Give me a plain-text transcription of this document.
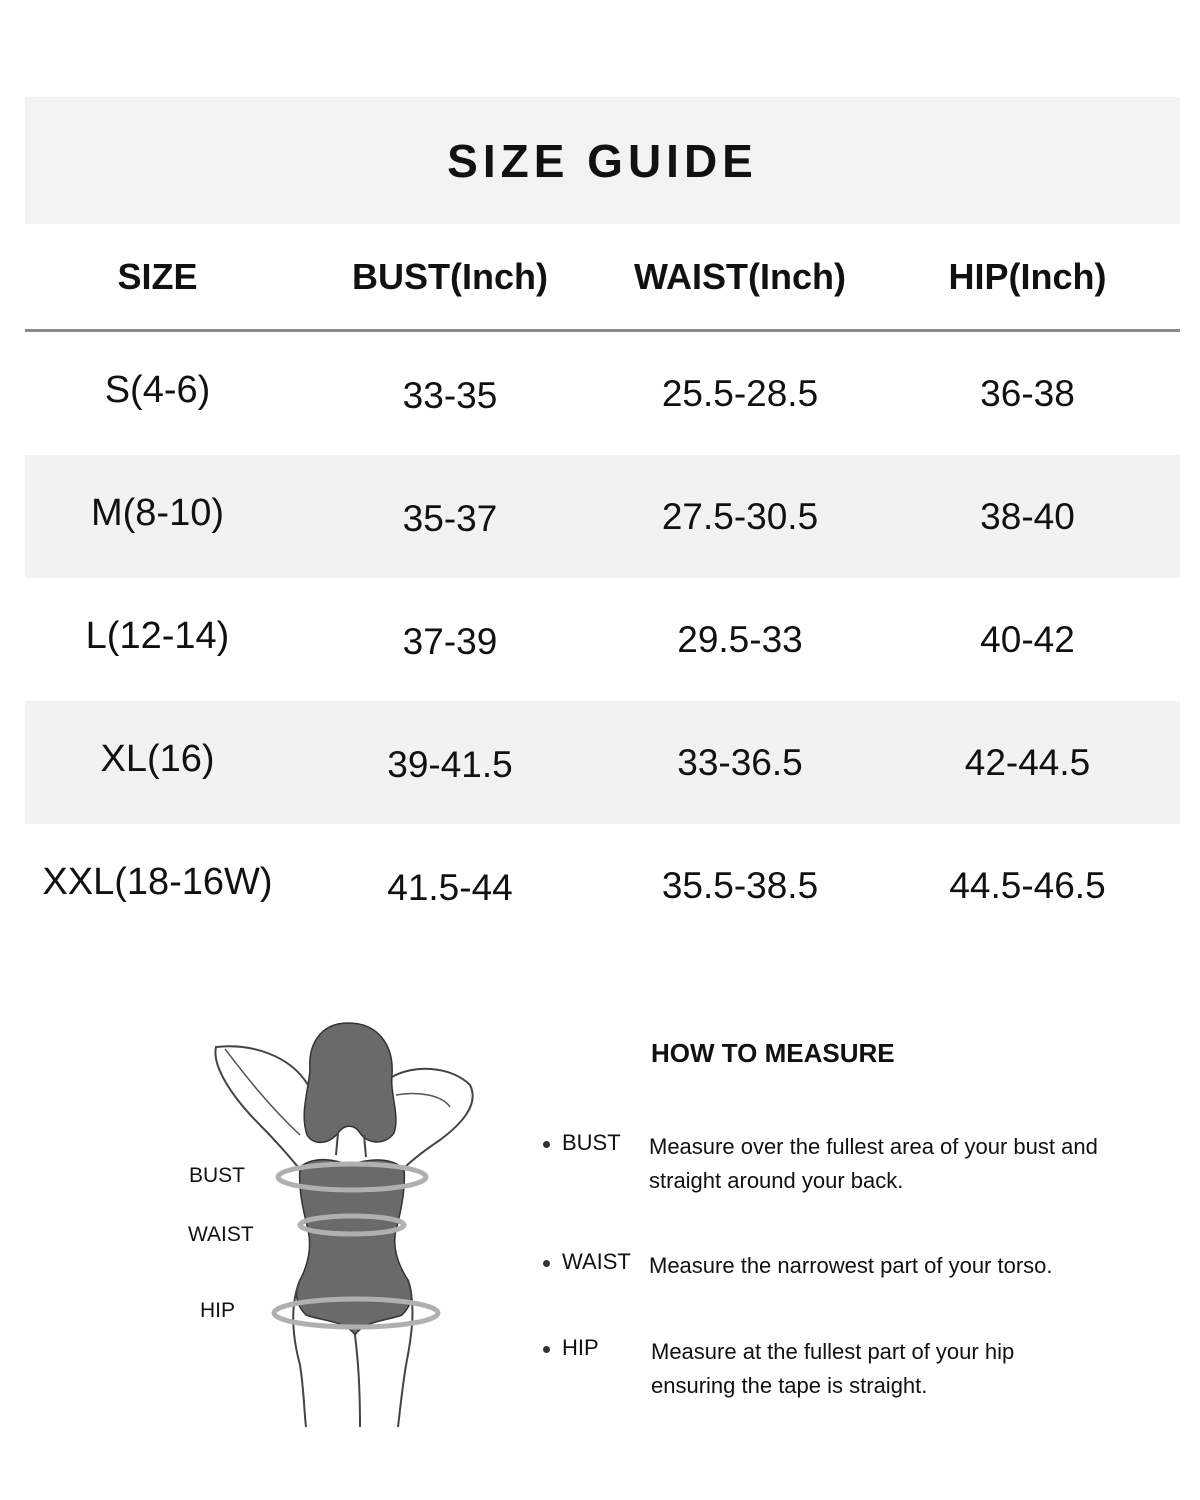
SIZE GUIDE
SIZE	BUST(Inch)	WAIST(Inch)	HIP(Inch)
S(4-6)	33-35	25.5-28.5	36-38
M(8-10)	35-37	27.5-30.5	38-40
L(12-14)	37-39	29.5-33	40-42
XL(16)	39-41.5	33-36.5	42-44.5
XXL(18-16W)	41.5-44	35.5-38.5	44.5-46.5
BUST
WAIST
HIP
HOW TO MEASURE
BUST Measure over the fullest area of your bust and straight around your back.
WAIST Measure the narrowest part of your torso.
HIP Measure at the fullest part of your hip ensuring the tape is straight.
